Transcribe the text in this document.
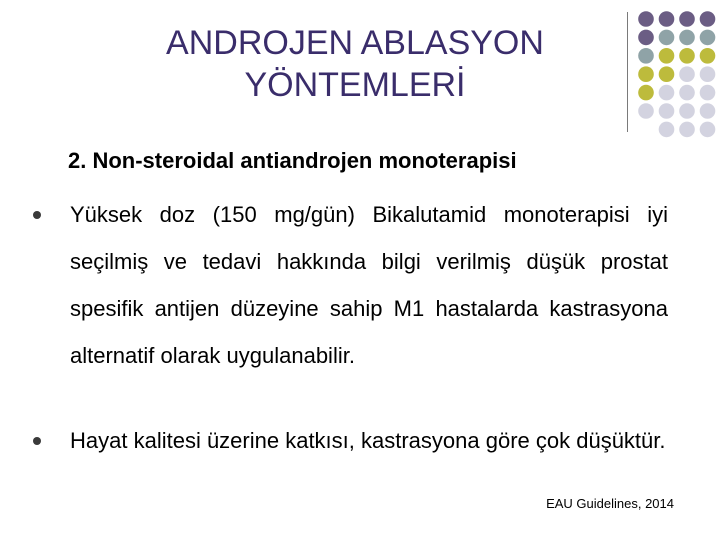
ANDROJEN ABLASYON
YÖNTEMLERİ
2. Non-steroidal antiandrojen monoterapisi
Yüksek doz (150 mg/gün) Bikalutamid monoterapisi iyi seçilmiş ve tedavi hakkında bilgi verilmiş düşük prostat spesifik antijen düzeyine sahip M1 hastalarda kastrasyona alternatif olarak uygulanabilir.
Hayat kalitesi üzerine katkısı, kastrasyona göre çok düşüktür.
EAU Guidelines, 2014
